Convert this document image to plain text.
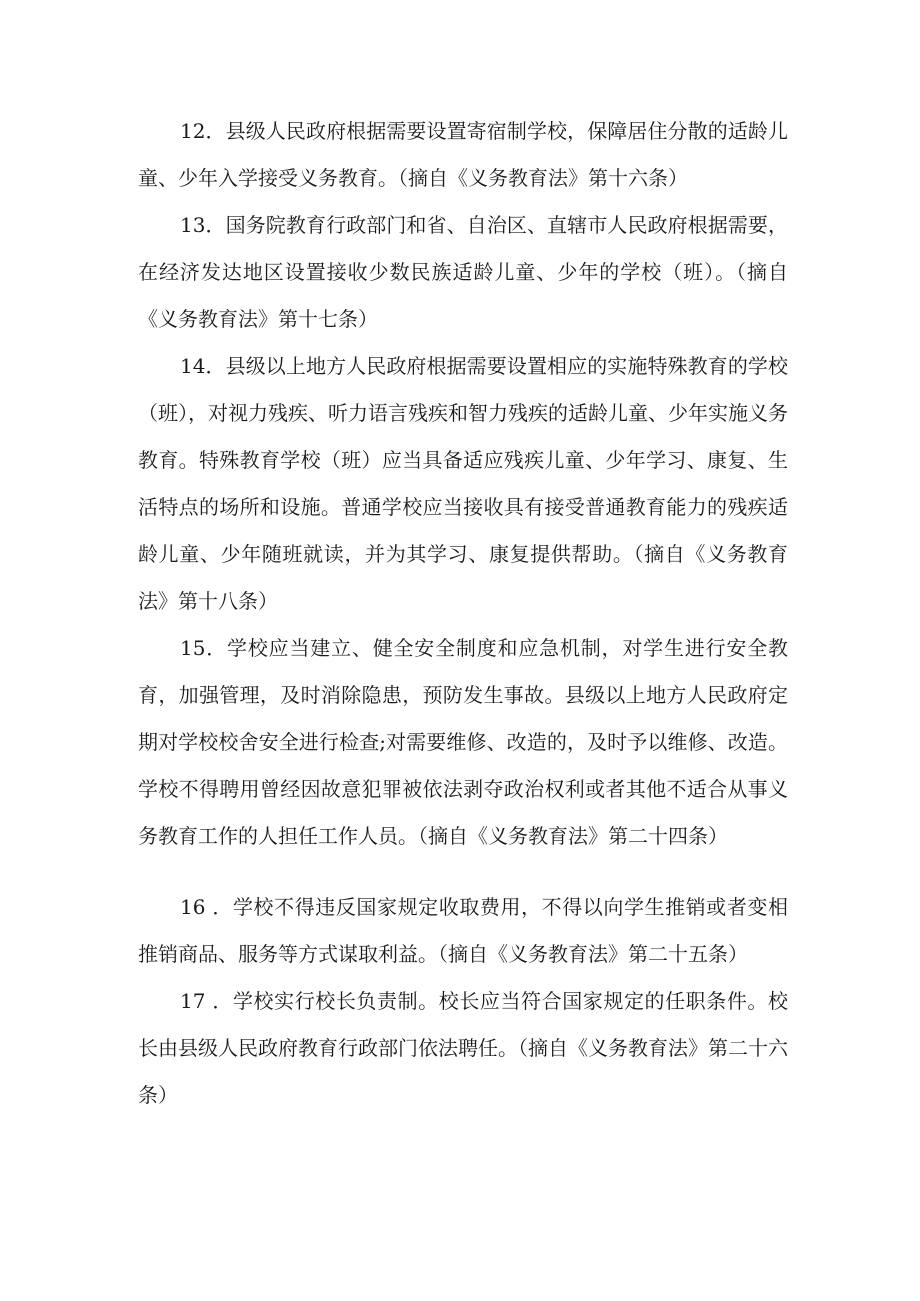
12．县级人民政府根据需要设置寄宿制学校，保障居住分散的适龄儿童、少年入学接受义务教育。（摘自《义务教育法》第十六条）

13．国务院教育行政部门和省、自治区、直辖市人民政府根据需要，在经济发达地区设置接收少数民族适龄儿童、少年的学校（班）。（摘自《义务教育法》第十七条）

14．县级以上地方人民政府根据需要设置相应的实施特殊教育的学校（班），对视力残疾、听力语言残疾和智力残疾的适龄儿童、少年实施义务教育。特殊教育学校（班）应当具备适应残疾儿童、少年学习、康复、生活特点的场所和设施。普通学校应当接收具有接受普通教育能力的残疾适龄儿童、少年随班就读，并为其学习、康复提供帮助。（摘自《义务教育法》第十八条）

15．学校应当建立、健全安全制度和应急机制，对学生进行安全教育，加强管理，及时消除隐患，预防发生事故。县级以上地方人民政府定期对学校校舍安全进行检查;对需要维修、改造的，及时予以维修、改造。学校不得聘用曾经因故意犯罪被依法剥夺政治权利或者其他不适合从事义务教育工作的人担任工作人员。（摘自《义务教育法》第二十四条）

16 ．学校不得违反国家规定收取费用，不得以向学生推销或者变相推销商品、服务等方式谋取利益。（摘自《义务教育法》第二十五条）

17 ．学校实行校长负责制。校长应当符合国家规定的任职条件。校长由县级人民政府教育行政部门依法聘任。（摘自《义务教育法》第二十六条）
